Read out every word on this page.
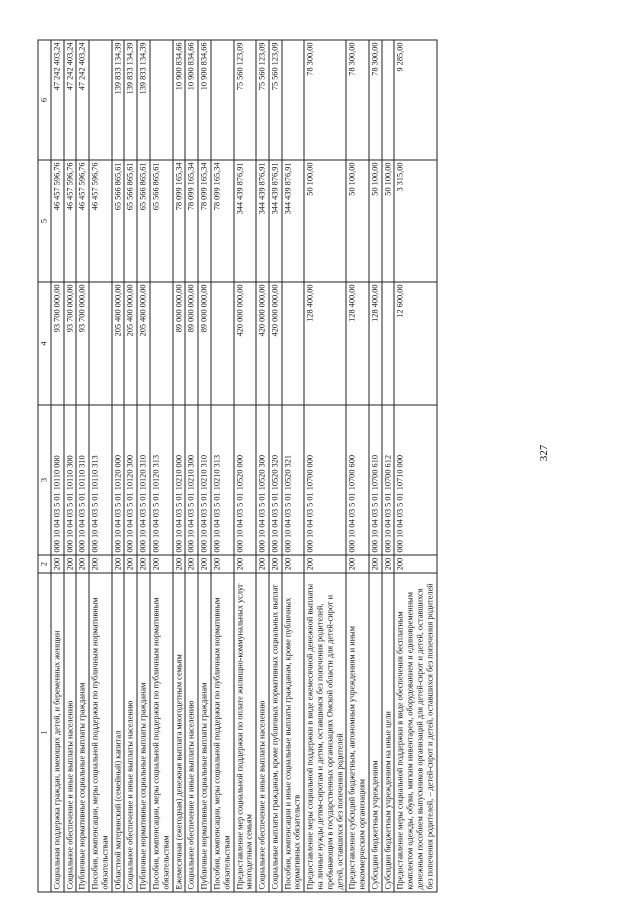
327
1	2	3	4	5	6
Социальная поддержка граждан, имеющих детей, и беременных женщин	200	000 10 04 03 5 01 10110 000	93 700 000,00	46 457 596,76	47 242 403,24
Социальное обеспечение и иные выплаты населению	200	000 10 04 03 5 01 10110 300	93 700 000,00	46 457 596,76	47 242 403,24
Публичные нормативные социальные выплаты гражданам	200	000 10 04 03 5 01 10110 310	93 700 000,00	46 457 596,76	47 242 403,24
Пособия, компенсации, меры социальной поддержки по публичным нормативным обязательствам	200	000 10 04 03 5 01 10110 313		46 457 596,76	
Областной материнский (семейный) капитал	200	000 10 04 03 5 01 10120 000	205 400 000,00	65 566 865,61	139 833 134,39
Социальное обеспечение и иные выплаты населению	200	000 10 04 03 5 01 10120 300	205 400 000,00	65 566 865,61	139 833 134,39
Публичные нормативные социальные выплаты гражданам	200	000 10 04 03 5 01 10120 310	205 400 000,00	65 566 865,61	139 833 134,39
Пособия, компенсации, меры социальной поддержки по публичным нормативным обязательствам	200	000 10 04 03 5 01 10120 313		65 566 865,61	
Ежемесячная (ежегодная) денежная выплата многодетным семьям	200	000 10 04 03 5 01 10210 000	89 000 000,00	78 099 165,34	10 900 834,66
Социальное обеспечение и иные выплаты населению	200	000 10 04 03 5 01 10210 300	89 000 000,00	78 099 165,34	10 900 834,66
Публичные нормативные социальные выплаты гражданам	200	000 10 04 03 5 01 10210 310	89 000 000,00	78 099 165,34	10 900 834,66
Пособия, компенсации, меры социальной поддержки по публичным нормативным обязательствам	200	000 10 04 03 5 01 10210 313		78 099 165,34	
Предоставление мер социальной поддержки по оплате жилищно-коммунальных услуг многодетным семьям	200	000 10 04 03 5 01 10520 000	420 000 000,00	344 439 876,91	75 560 123,09
Социальное обеспечение и иные выплаты населению	200	000 10 04 03 5 01 10520 300	420 000 000,00	344 439 876,91	75 560 123,09
Социальные выплаты гражданам, кроме публичных нормативных социальных выплат	200	000 10 04 03 5 01 10520 320	420 000 000,00	344 439 876,91	75 560 123,09
Пособия, компенсации и иные социальные выплаты гражданам, кроме публичных нормативных обязательств	200	000 10 04 03 5 01 10520 321		344 439 876,91	
Предоставление меры социальной поддержки в виде ежемесячной денежной выплаты на личные нужды детям-сиротам и детям, оставшимся без попечения родителей, пребывающим в государственных организациях Омской области для детей-сирот и детей, оставшихся без попечения родителей	200	000 10 04 03 5 01 10700 000	128 400,00	50 100,00	78 300,00
Предоставление субсидий бюджетным, автономным учреждениям и иным некоммерческим организациям	200	000 10 04 03 5 01 10700 600	128 400,00	50 100,00	78 300,00
Субсидии бюджетным учреждениям	200	000 10 04 03 5 01 10700 610	128 400,00	50 100,00	78 300,00
Субсидии бюджетным учреждениям на иные цели	200	000 10 04 03 5 01 10700 612		50 100,00	
Предоставление меры социальной поддержки в виде обеспечения бесплатным комплектом одежды, обуви, мягким инвентарем, оборудованием и единовременным денежным пособием выпускников организаций для детей-сирот и детей, оставшихся без попечения родителей, – детей-сирот и детей, оставшихся без попечения родителей	200	000 10 04 03 5 01 10710 000	12 600,00	3 315,00	9 285,00
